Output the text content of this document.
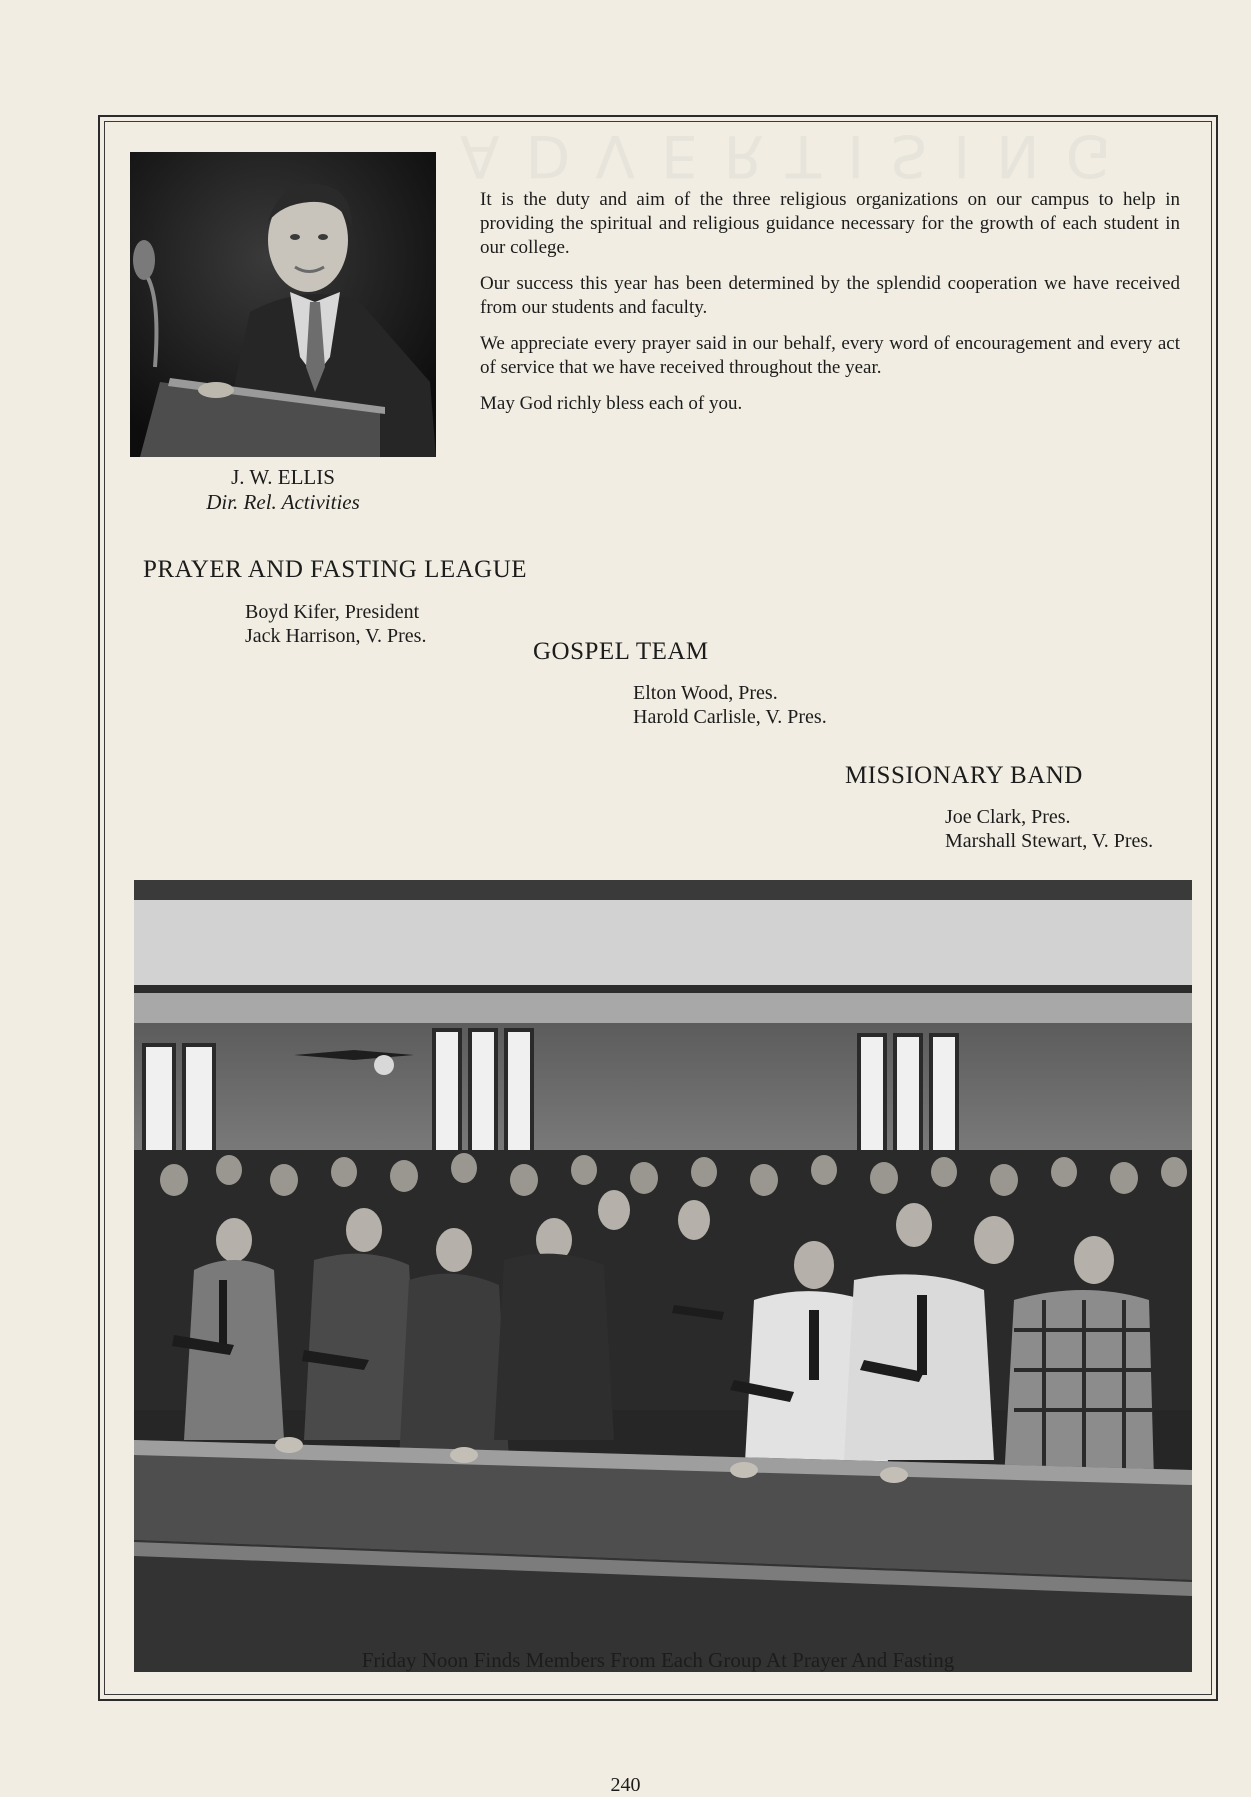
ADVERTISING
J. W. ELLIS
Dir. Rel. Activities

It is the duty and aim of the three religious organizations on our campus to help in providing the spiritual and religious guidance necessary for the growth of each student in our college.

Our success this year has been determined by the splendid cooperation we have received from our students and faculty.

We appreciate every prayer said in our behalf, every word of encouragement and every act of service that we have received throughout the year.

May God richly bless each of you.

PRAYER AND FASTING LEAGUE
Boyd Kifer, President
Jack Harrison, V. Pres.
GOSPEL TEAM
Elton Wood, Pres.
Harold Carlisle, V. Pres.
MISSIONARY BAND
Joe Clark, Pres.
Marshall Stewart, V. Pres.
Friday Noon Finds Members From Each Group At Prayer And Fasting
240
